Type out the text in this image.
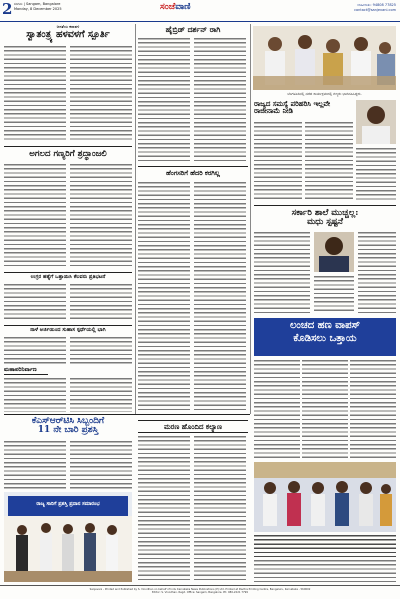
2 ಸಂಗಮ | Sangam, Bangalore
Monday, 8 December 2025	ಸಂಜೆವಾಣಿ	ಜಾಹೀರಾತು: 94808 77825
contact@sanjevani.com
ಜನತೆಯ ಕರಾವಳಿ
ಸ್ವಾತಂತ್ರ್ಯ ಹಳವಳಗೆ ಸ್ಪೂರ್ತಿ
ಅಗಲದ ಗಣ್ಯರಿಗೆ ಶ್ರದ್ಧಾಂಜಲಿ
ಉಗ್ರರ ಹತ್ಯೆಗೆ ಒತ್ತಾಯಿಸಿ ಕೆಲವರು ಪ್ರತಿಭಟನೆ
ನಾಳೆ ಅರ್ಜಿಯಿಂದ ಸುಹಾಸ ಸ್ಪರ್ಧೆಯಲ್ಲಿ ಭಾಗಿ
ಮಹಾಪರಿನಿರ್ವಾಣ
ಹೈಬ್ರಿಡ್ ದರ್ಶನ್ ರಾಗಿ
ಹೆಂಗಸರಿಗೆ ಹೆದರಿ ಕರಗಿಲ್ಲ
ಬೆಂಗಳೂರಿನಲ್ಲಿ ನಡೆದ ಕಾರ್ಯಕ್ರಮದಲ್ಲಿ ಗಣ್ಯರು ಭಾಗವಹಿಸಿದ್ದರು.
ರಾಜ್ಯದ ಸಮಸ್ಯೆ ಪರಿಹರಿಸಿ ಇಲ್ಲವೇ ರಾಜೀನಾಮೆ ನೀಡಿ
ಸರ್ಕಾರಿ ಶಾಲೆ ಮುಚ್ಚಲ್ಲ:
ಮಧು ಸ್ಪಷ್ಟನೆ
ಲಂಚದ ಹಣ ವಾಪಸ್
ಕೊಡಿಸಲು ಒತ್ತಾಯ
ಕೆಎಸ್‌ಆರ್‌ಟಿಸಿ ಸಿಬ್ಬಂದಿಗೆ
11 ನೇ ಬಾರಿ ಪ್ರಶಸ್ತಿ
ರಾಜ್ಯ ಸಾರಿಗೆ ಪ್ರಶಸ್ತಿ ಪ್ರದಾನ ಸಮಾರಂಭ
ಮರಣ ಹೊಂದಿದ ಕಲ್ಯಾಣ
Sanjevani - Printed and Published by S. Vinodhan on behalf of Indu Karnataka News Publications (P) Ltd. Printed at Pavitra Printing Centre, Bengaluru, Karnataka - 560002
Editor: S. Vinodhan. Regd. Office: Sangam, Bangalore. Ph: 080-2221 7799
